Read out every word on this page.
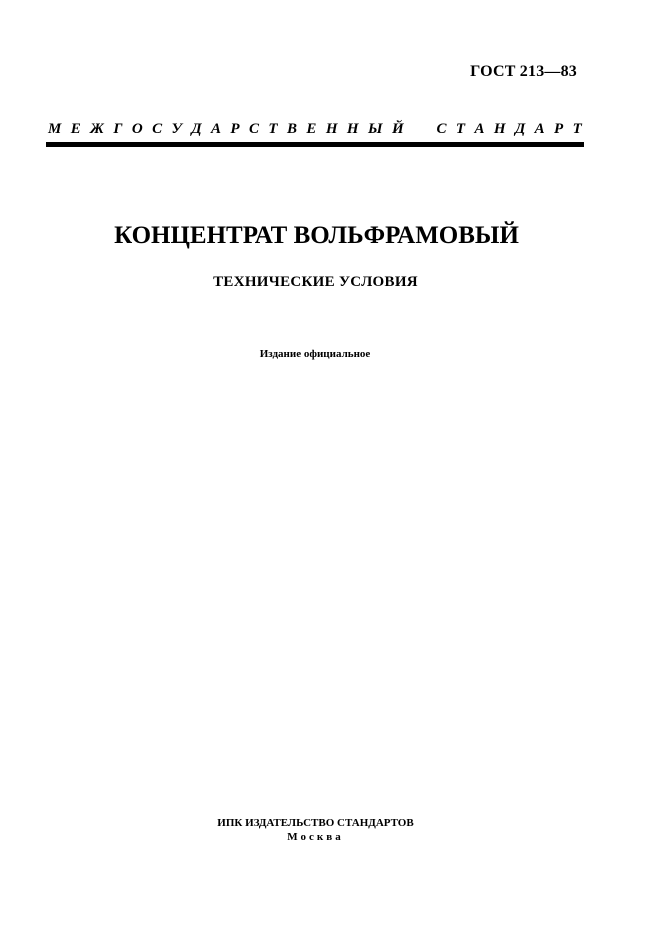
ГОСТ 213—83
М Е Ж Г О С У Д А Р С Т В Е Н Н Ы Й С Т А Н Д А Р Т
КОНЦЕНТРАТ ВОЛЬФРАМОВЫЙ
ТЕХНИЧЕСКИЕ УСЛОВИЯ
Издание официальное
ИПК ИЗДАТЕЛЬСТВО СТАНДАРТОВ
Москва
